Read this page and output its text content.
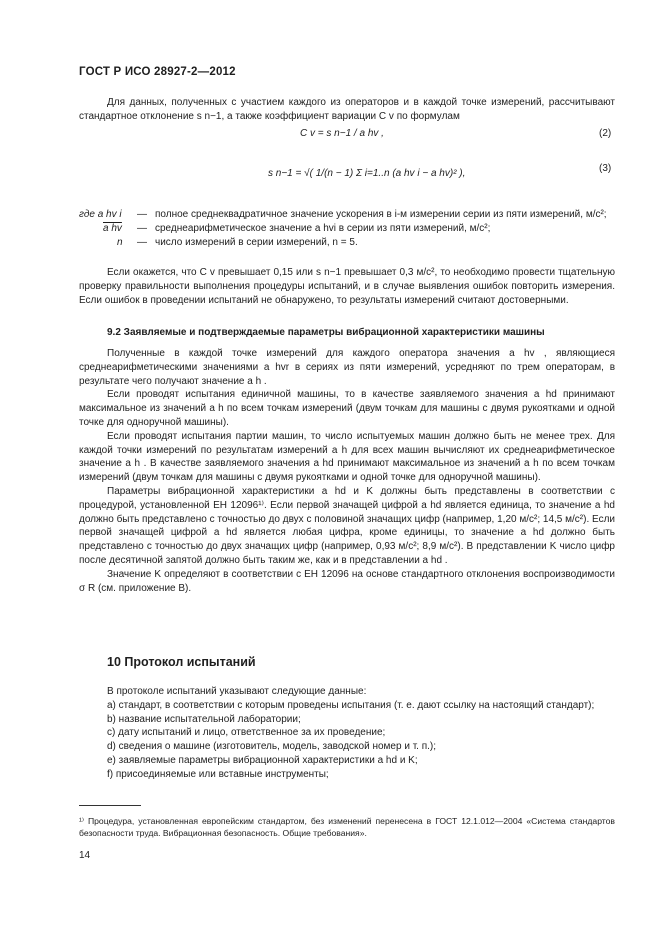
ГОСТ Р ИСО 28927-2—2012

Для данных, полученных с участием каждого из операторов и в каждой точке измерений, рассчитывают стандартное отклонение s n−1, а также коэффициент вариации C v по формулам

C v = s n−1 / a hv ,	(2)
s n−1 = √( 1/(n − 1) Σ i=1..n (a hv i − a hv)² ),	(3)
где a hv i	— полное среднеквадратичное значение ускорения в i-м измерении серии из пяти измерений, м/с²;
a hv	— среднеарифметическое значение a hvi в серии из пяти измерений, м/с²;
n	— число измерений в серии измерений, n = 5.

Если окажется, что C v превышает 0,15 или s n−1 превышает 0,3 м/с², то необходимо провести тщательную проверку правильности выполнения процедуры испытаний, и в случае выявления ошибок повторить измерения. Если ошибок в проведении испытаний не обнаружено, то результаты измерений считают достоверными.

9.2 Заявляемые и подтверждаемые параметры вибрационной характеристики машины

Полученные в каждой точке измерений для каждого оператора значения a hv , являющиеся среднеарифметическими значениями a hvr в сериях из пяти измерений, усредняют по трем операторам, в результате чего получают значение a h .

Если проводят испытания единичной машины, то в качестве заявляемого значения a hd принимают максимальное из значений a h по всем точкам измерений (двум точкам для машины с двумя рукоятками и одной точке для одноручной машины).

Если проводят испытания партии машин, то число испытуемых машин должно быть не менее трех. Для каждой точки измерений по результатам измерений a h для всех машин вычисляют их среднеарифметическое значение a h . В качестве заявляемого значения a hd принимают максимальное из значений a h по всем точкам измерений (двум точкам для машины с двумя рукоятками и одной точке для одноручной машины).

Параметры вибрационной характеристики a hd и K должны быть представлены в соответствии с процедурой, установленной ЕН 12096¹⁾. Если первой значащей цифрой a hd является единица, то значение a hd должно быть представлено с точностью до двух с половиной значащих цифр (например, 1,20 м/с²; 14,5 м/с²). Если первой значащей цифрой a hd является любая цифра, кроме единицы, то значение a hd должно быть представлено с точностью до двух значащих цифр (например, 0,93 м/с²; 8,9 м/с²). В представлении K число цифр после десятичной запятой должно быть таким же, как и в представлении a hd .

Значение K определяют в соответствии с ЕН 12096 на основе стандартного отклонения воспроизводимости σ R (см. приложение В).

10 Протокол испытаний
В протоколе испытаний указывают следующие данные:
a) стандарт, в соответствии с которым проведены испытания (т. е. дают ссылку на настоящий стандарт);
b) название испытательной лаборатории;
c) дату испытаний и лицо, ответственное за их проведение;
d) сведения о машине (изготовитель, модель, заводской номер и т. п.);
e) заявляемые параметры вибрационной характеристики a hd и K;
f) присоединяемые или вставные инструменты;
¹⁾ Процедура, установленная европейским стандартом, без изменений перенесена в ГОСТ 12.1.012—2004 «Система стандартов безопасности труда. Вибрационная безопасность. Общие требования».
14
